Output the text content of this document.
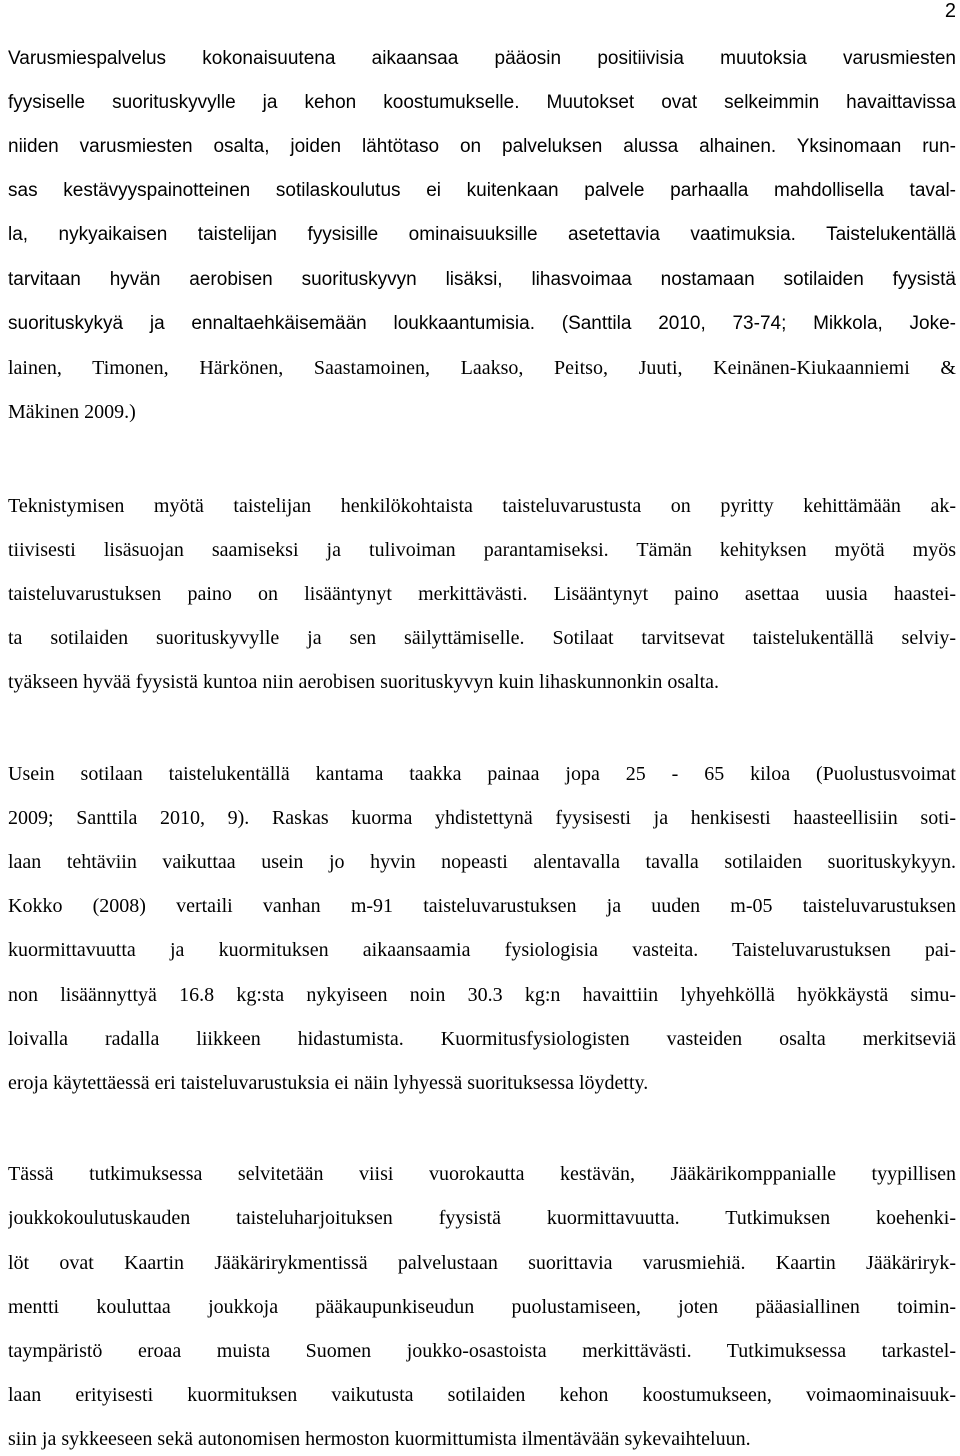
2
Varusmiespalvelus kokonaisuutena aikaansaa pääosin positiivisia muutoksia varusmiesten
fyysiselle suorituskyvylle ja kehon koostumukselle. Muutokset ovat selkeimmin havaittavissa
niiden varusmiesten osalta, joiden lähtötaso on palveluksen alussa alhainen. Yksinomaan run-
sas kestävyyspainotteinen sotilaskoulutus ei kuitenkaan palvele parhaalla mahdollisella taval-
la, nykyaikaisen taistelijan fyysisille ominaisuuksille asetettavia vaatimuksia. Taistelukentällä
tarvitaan hyvän aerobisen suorituskyvyn lisäksi, lihasvoimaa nostamaan sotilaiden fyysistä
suorituskykyä ja ennaltaehkäisemään loukkaantumisia. (Santtila 2010, 73-74; Mikkola, Joke-
lainen, Timonen, Härkönen, Saastamoinen, Laakso, Peitso, Juuti, Keinänen-Kiukaanniemi &
Mäkinen 2009.)
Teknistymisen myötä taistelijan henkilökohtaista taisteluvarustusta on pyritty kehittämään ak-
tiivisesti lisäsuojan saamiseksi ja tulivoiman parantamiseksi. Tämän kehityksen myötä myös
taisteluvarustuksen paino on lisääntynyt merkittävästi. Lisääntynyt paino asettaa uusia haastei-
ta sotilaiden suorituskyvylle ja sen säilyttämiselle. Sotilaat tarvitsevat taistelukentällä selviy-
tyäkseen hyvää fyysistä kuntoa niin aerobisen suorituskyvyn kuin lihaskunnonkin osalta.
Usein sotilaan taistelukentällä kantama taakka painaa jopa 25 - 65 kiloa (Puolustusvoimat
2009; Santtila 2010, 9). Raskas kuorma yhdistettynä fyysisesti ja henkisesti haasteellisiin soti-
laan tehtäviin vaikuttaa usein jo hyvin nopeasti alentavalla tavalla sotilaiden suorituskykyyn.
Kokko (2008) vertaili vanhan m-91 taisteluvarustuksen ja uuden m-05 taisteluvarustuksen
kuormittavuutta ja kuormituksen aikaansaamia fysiologisia vasteita. Taisteluvarustuksen pai-
non lisäännyttyä 16.8 kg:sta nykyiseen noin 30.3 kg:n havaittiin lyhyehköllä hyökkäystä simu-
loivalla radalla liikkeen hidastumista. Kuormitusfysiologisten vasteiden osalta merkitseviä
eroja käytettäessä eri taisteluvarustuksia ei näin lyhyessä suorituksessa löydetty.
Tässä tutkimuksessa selvitetään viisi vuorokautta kestävän, Jääkärikomppanialle tyypillisen
joukkokoulutuskauden taisteluharjoituksen fyysistä kuormittavuutta. Tutkimuksen koehenki-
löt ovat Kaartin Jääkärirykmentissä palvelustaan suorittavia varusmiehiä. Kaartin Jääkäriryk-
mentti kouluttaa joukkoja pääkaupunkiseudun puolustamiseen, joten pääasiallinen toimin-
taympäristö eroaa muista Suomen joukko-osastoista merkittävästi. Tutkimuksessa tarkastel-
laan erityisesti kuormituksen vaikutusta sotilaiden kehon koostumukseen, voimaominaisuuk-
siin ja sykkeeseen sekä autonomisen hermoston kuormittumista ilmentävään sykevaihteluun.
